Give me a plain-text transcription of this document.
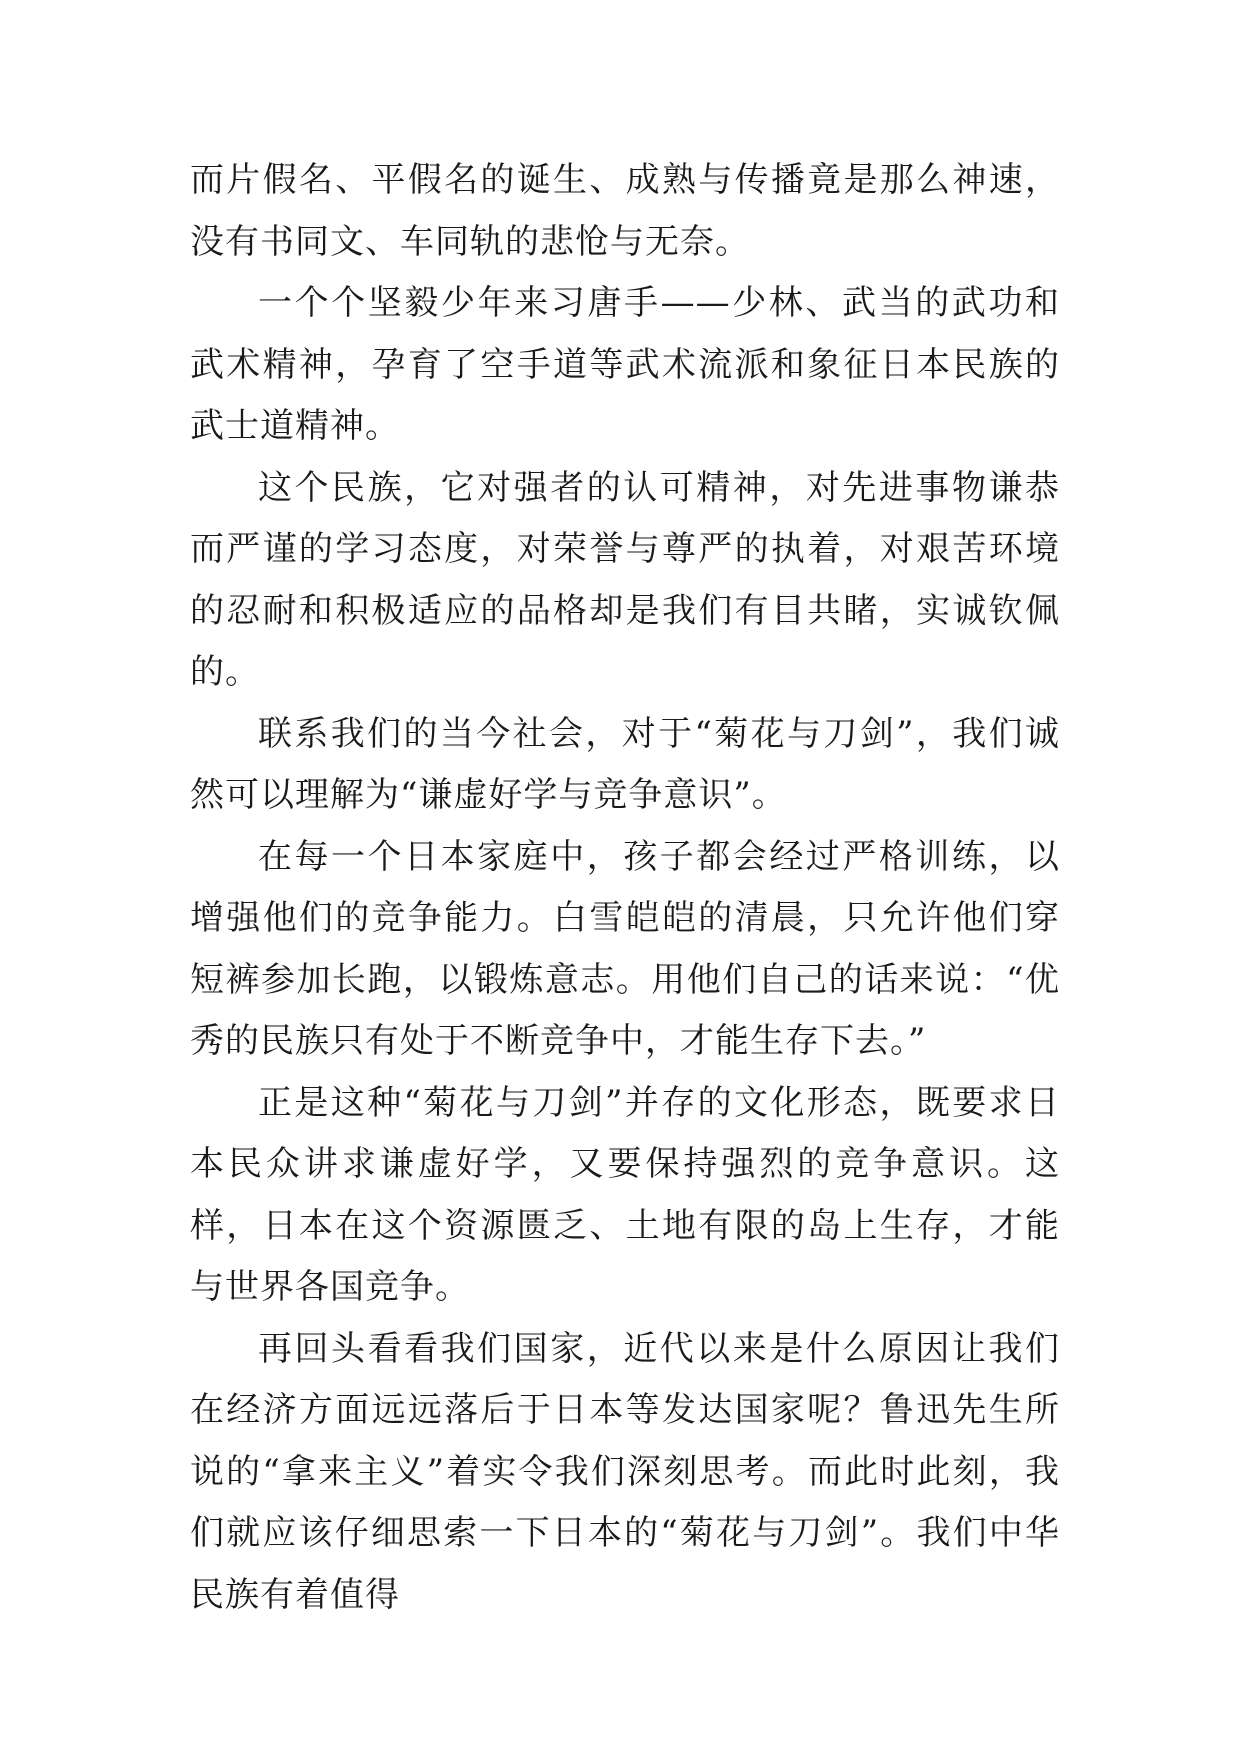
而片假名、平假名的诞生、成熟与传播竟是那么神速，没有书同文、车同轨的悲怆与无奈。

一个个坚毅少年来习唐手——少林、武当的武功和武术精神，孕育了空手道等武术流派和象征日本民族的武士道精神。

这个民族，它对强者的认可精神，对先进事物谦恭而严谨的学习态度，对荣誉与尊严的执着，对艰苦环境的忍耐和积极适应的品格却是我们有目共睹，实诚钦佩的。

联系我们的当今社会，对于“菊花与刀剑”，我们诚然可以理解为“谦虚好学与竞争意识”。

在每一个日本家庭中，孩子都会经过严格训练，以增强他们的竞争能力。白雪皑皑的清晨，只允许他们穿短裤参加长跑，以锻炼意志。用他们自己的话来说：“优秀的民族只有处于不断竞争中，才能生存下去。”

正是这种“菊花与刀剑”并存的文化形态，既要求日本民众讲求谦虚好学，又要保持强烈的竞争意识。这样，日本在这个资源匮乏、土地有限的岛上生存，才能与世界各国竞争。

再回头看看我们国家，近代以来是什么原因让我们在经济方面远远落后于日本等发达国家呢？鲁迅先生所说的“拿来主义”着实令我们深刻思考。而此时此刻，我们就应该仔细思索一下日本的“菊花与刀剑”。我们中华民族有着值得
